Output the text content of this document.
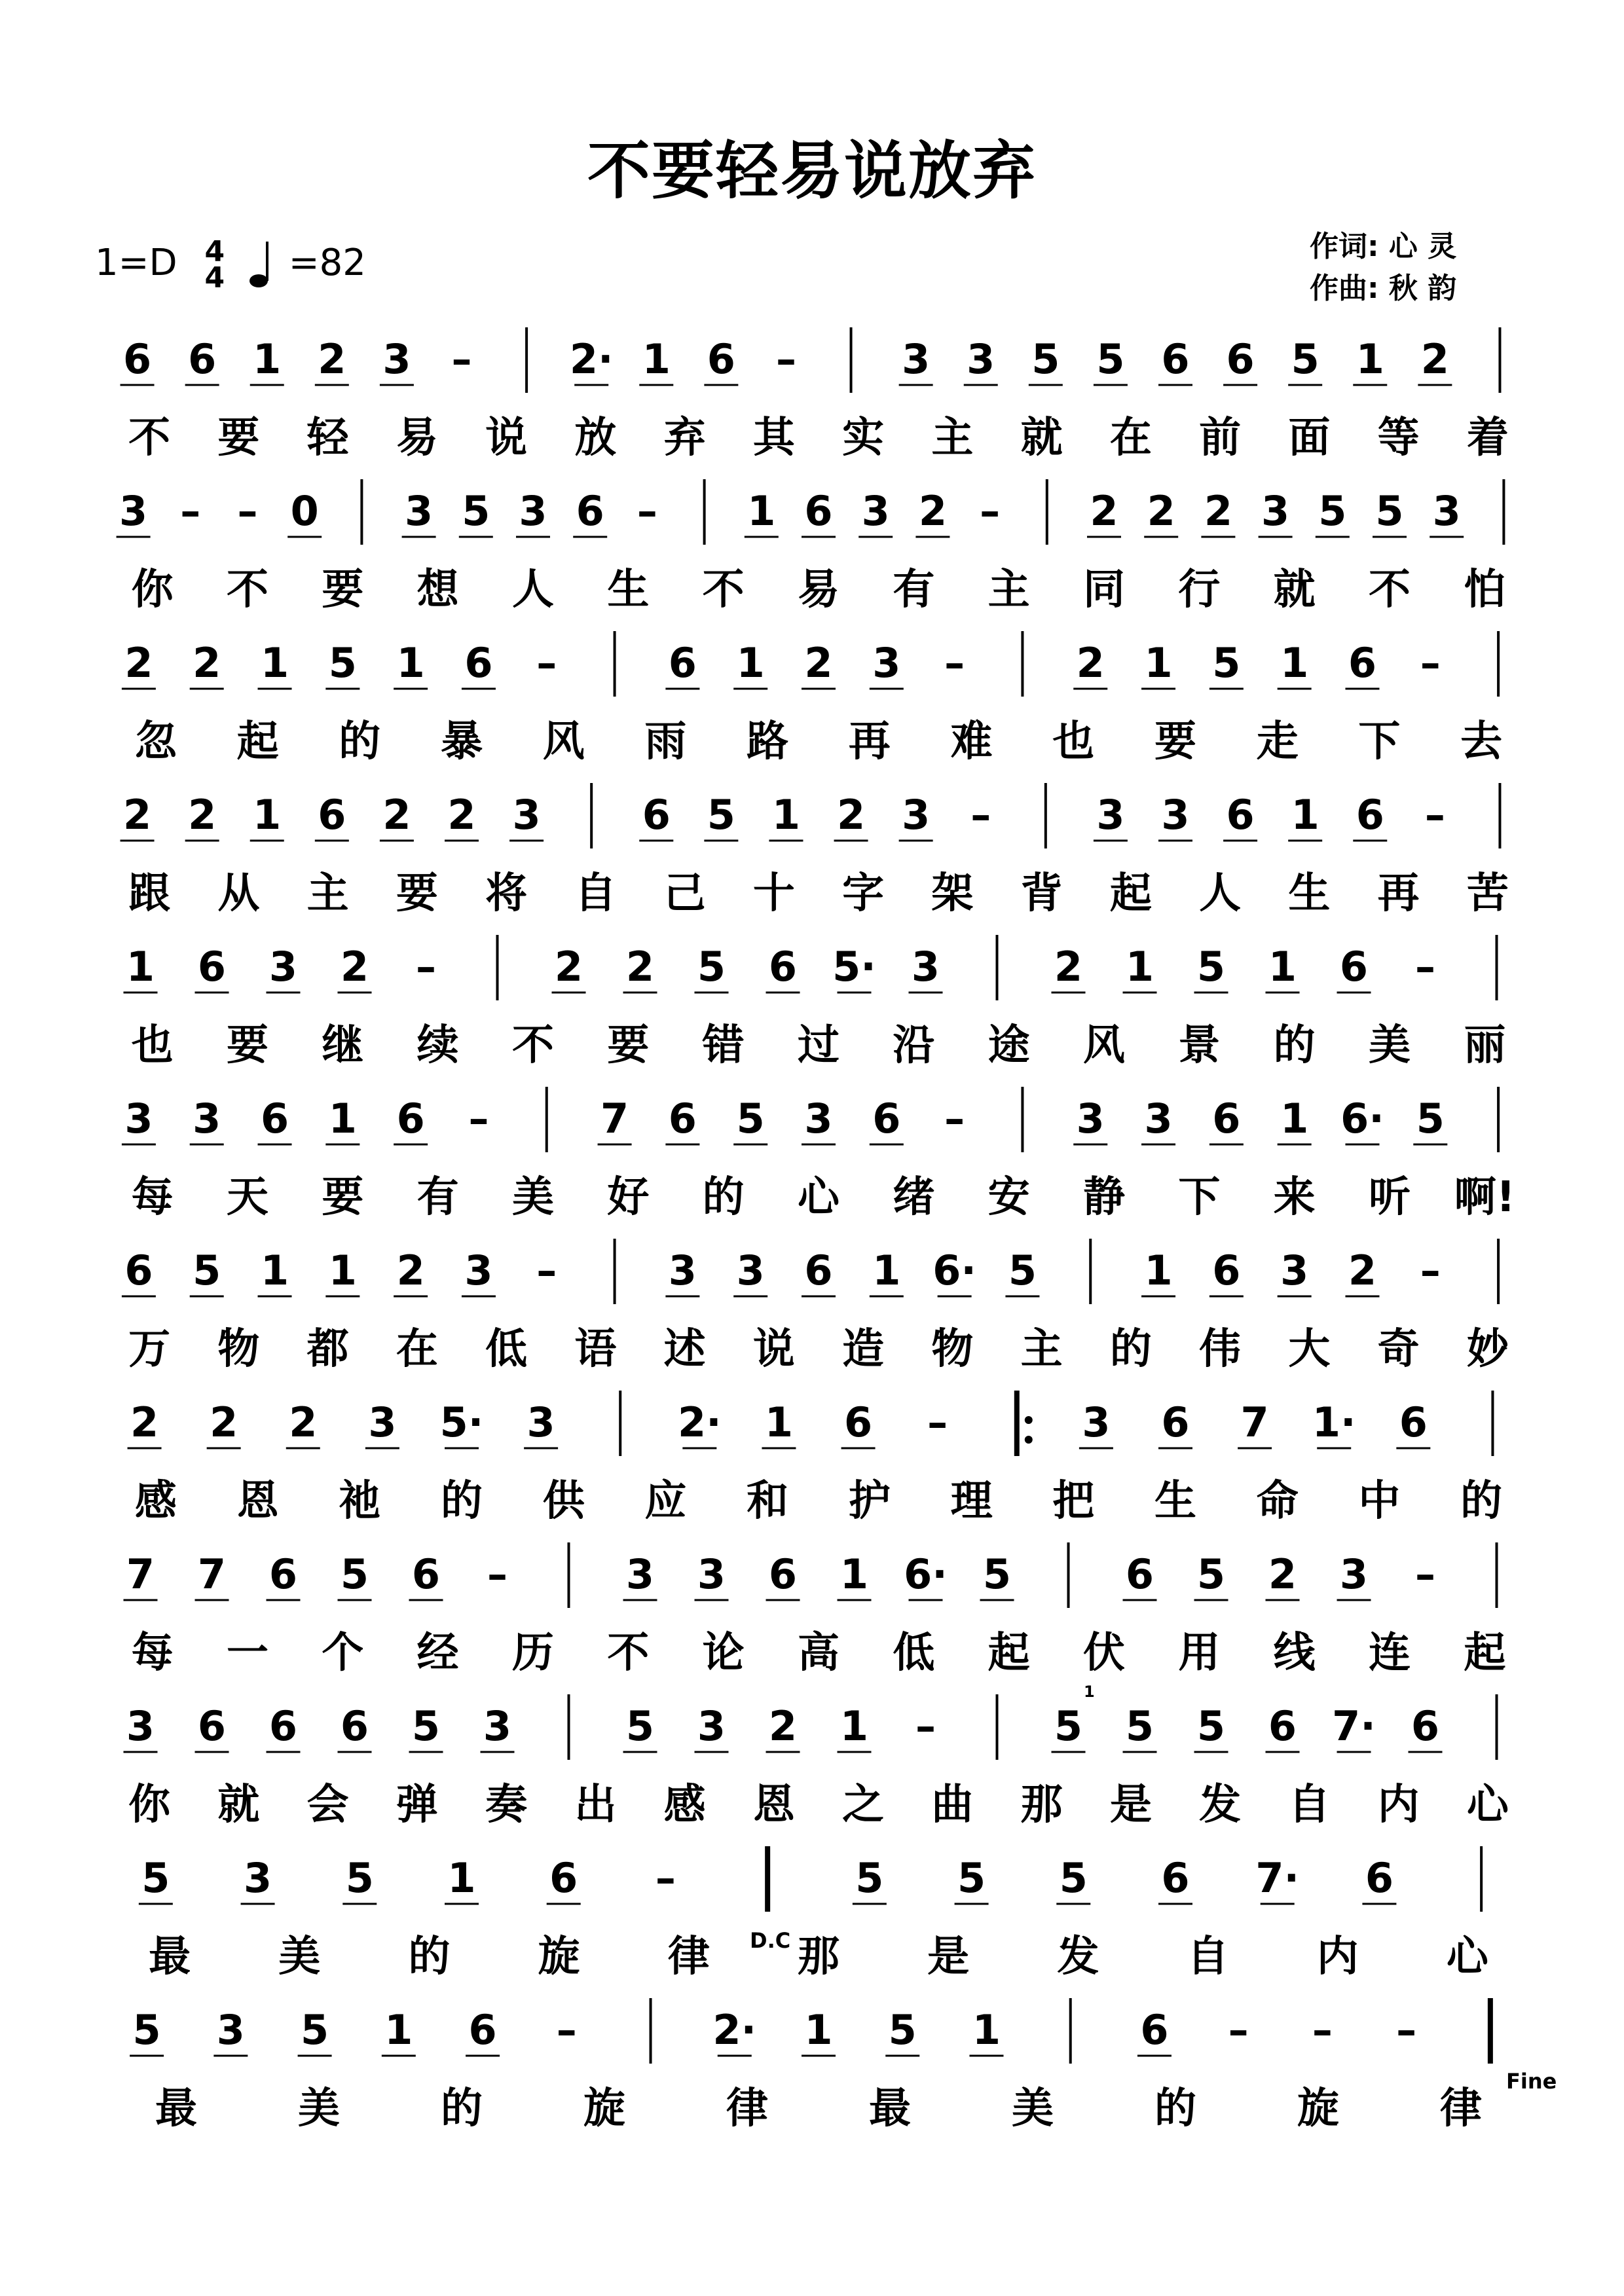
6 6 1 2 3 – 2· 1 6 –	3 3 5 5 6 6 5 1 2
不 要 轻 易 说 放 弃 其 实 主 就 在 前 面 等 着
3 – – 0 3 5 3 6 – 1 6 3 2 – 2 2 2 3 5 5 3
你 不 要 想 人 生 不 易 有 主 同 行 就 不 怕
2 2 1 5 1 6 –	6 1 2 3 –	2 1 5 1 6 –
忽 起 的 暴 风 雨 路 再 难 也 要 走 下 去
2 2 1 6 2 2 3	6 5 1 2 3 –	3 3 6 1 6 –
跟 从 主 要 将 自 己 十 字 架 背 起 人 生 再 苦
1 6 3 2 –	2 2 5 6 5· 3	2 1 5 1 6 –
也 要 继 续 不 要 错 过 沿 途 风 景 的 美 丽
3 3 6 1 6 –	7 6 5 3 6 –	3 3 6 1 6· 5
每 天 要 有 美 好 的 心 绪 安 静 下 来 听 啊!
6 5 1 1 2 3 –	3 3 6 1 6· 5	1 6 3 2 –
万 物 都 在 低 语 述 说 造 物 主 的 伟 大 奇 妙
2 2 2 3 5· 3	2· 1 6 –	3 6 7 1· 6
感 恩 祂 的 供 应 和 护 理 把 生 命 中 的
7 7 6 5 6 –	3 3 6 1 6· 5	6 5 2 3 –
每 一 个 经 历 不 论 高 低 起 伏 用 线 连 起
3 6 6 6 5 3	5 3 2 1 –	5 5 5 6 7· 6
你 就 会 弹 奏 出 感 恩 之 曲 那 是 发 自 内 心
5 3 5 1 6 –	5 5 5 6 7· 6
最 美 的 旋 律 那 是 发 自 内 心
5 3 5 1 6 –	2· 1 5 1	6 – – –
最 美 的 旋 律 最 美 的 旋 律
不要轻易说放弃
1=D 4
4 =82	作词: 心 灵
作曲: 秋 韵
D.C
Fine
1
